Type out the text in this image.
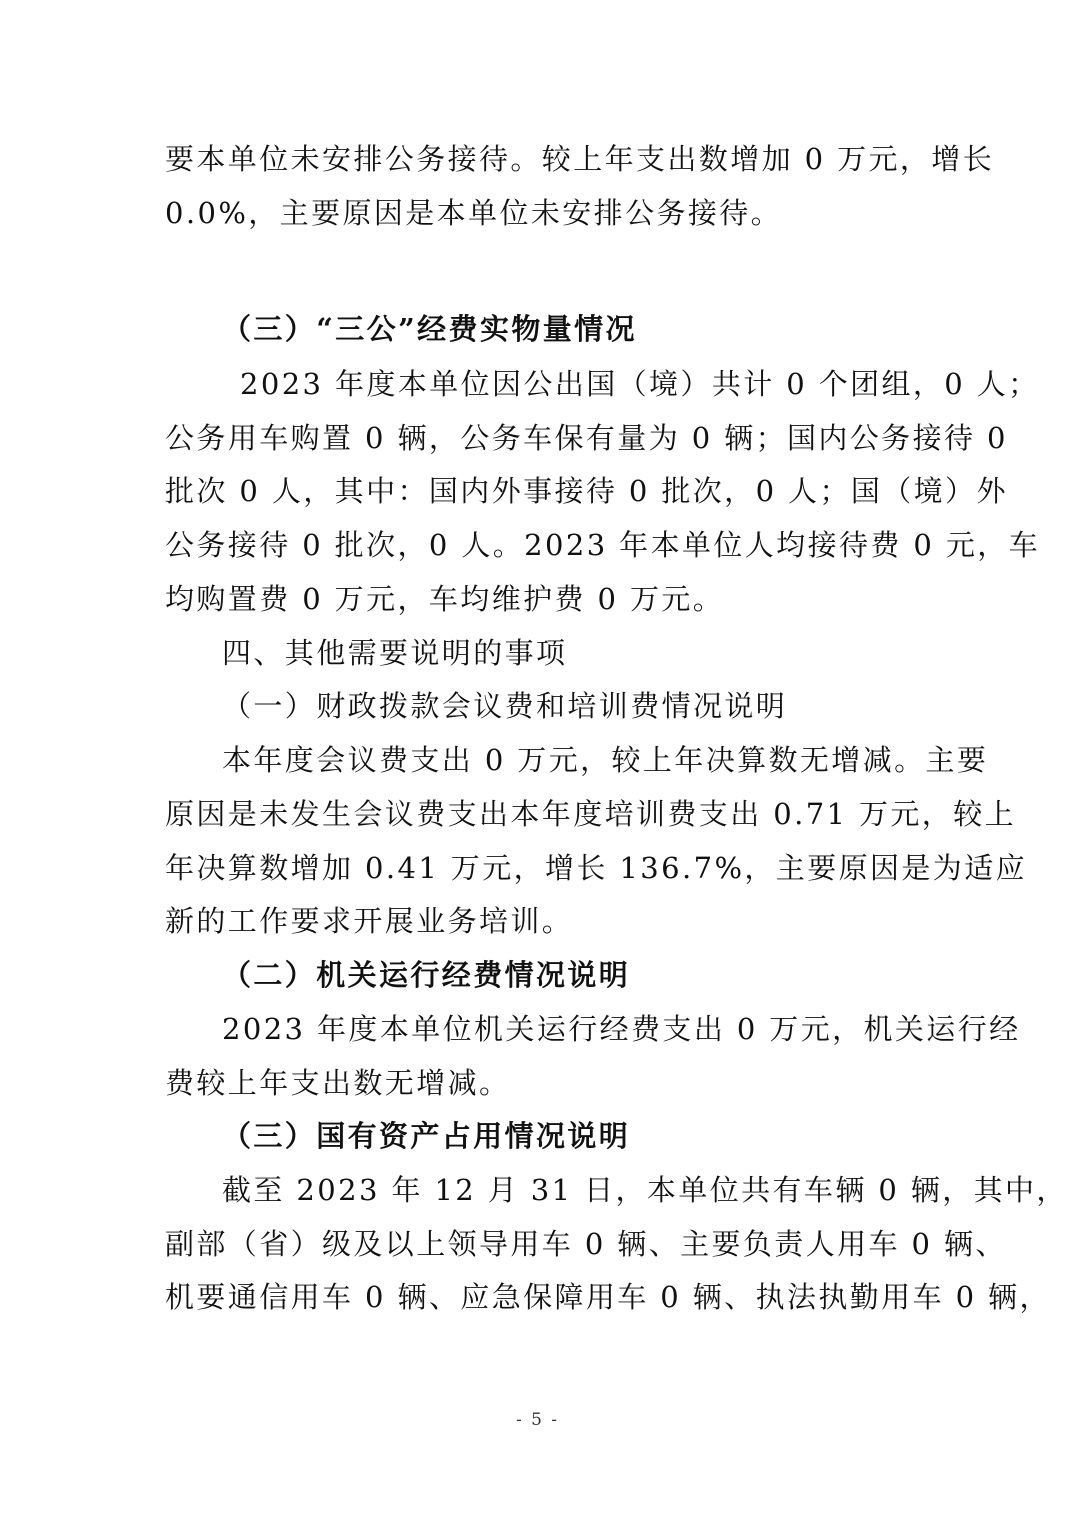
要本单位未安排公务接待。较上年支出数增加 0 万元，增长
0.0%，主要原因是本单位未安排公务接待。
（三）“三公”经费实物量情况
2023 年度本单位因公出国（境）共计 0 个团组，0 人；
公务用车购置 0 辆，公务车保有量为 0 辆；国内公务接待 0
批次 0 人，其中：国内外事接待 0 批次，0 人；国（境）外
公务接待 0 批次，0 人。2023 年本单位人均接待费 0 元，车
均购置费 0 万元，车均维护费 0 万元。
四、其他需要说明的事项
（一）财政拨款会议费和培训费情况说明
本年度会议费支出 0 万元，较上年决算数无增减。主要
原因是未发生会议费支出本年度培训费支出 0.71 万元，较上
年决算数增加 0.41 万元，增长 136.7%，主要原因是为适应
新的工作要求开展业务培训。
（二）机关运行经费情况说明
2023 年度本单位机关运行经费支出 0 万元，机关运行经
费较上年支出数无增减。
（三）国有资产占用情况说明
截至 2023 年 12 月 31 日，本单位共有车辆 0 辆，其中，
副部（省）级及以上领导用车 0 辆、主要负责人用车 0 辆、
机要通信用车 0 辆、应急保障用车 0 辆、执法执勤用车 0 辆，
- 5 -
